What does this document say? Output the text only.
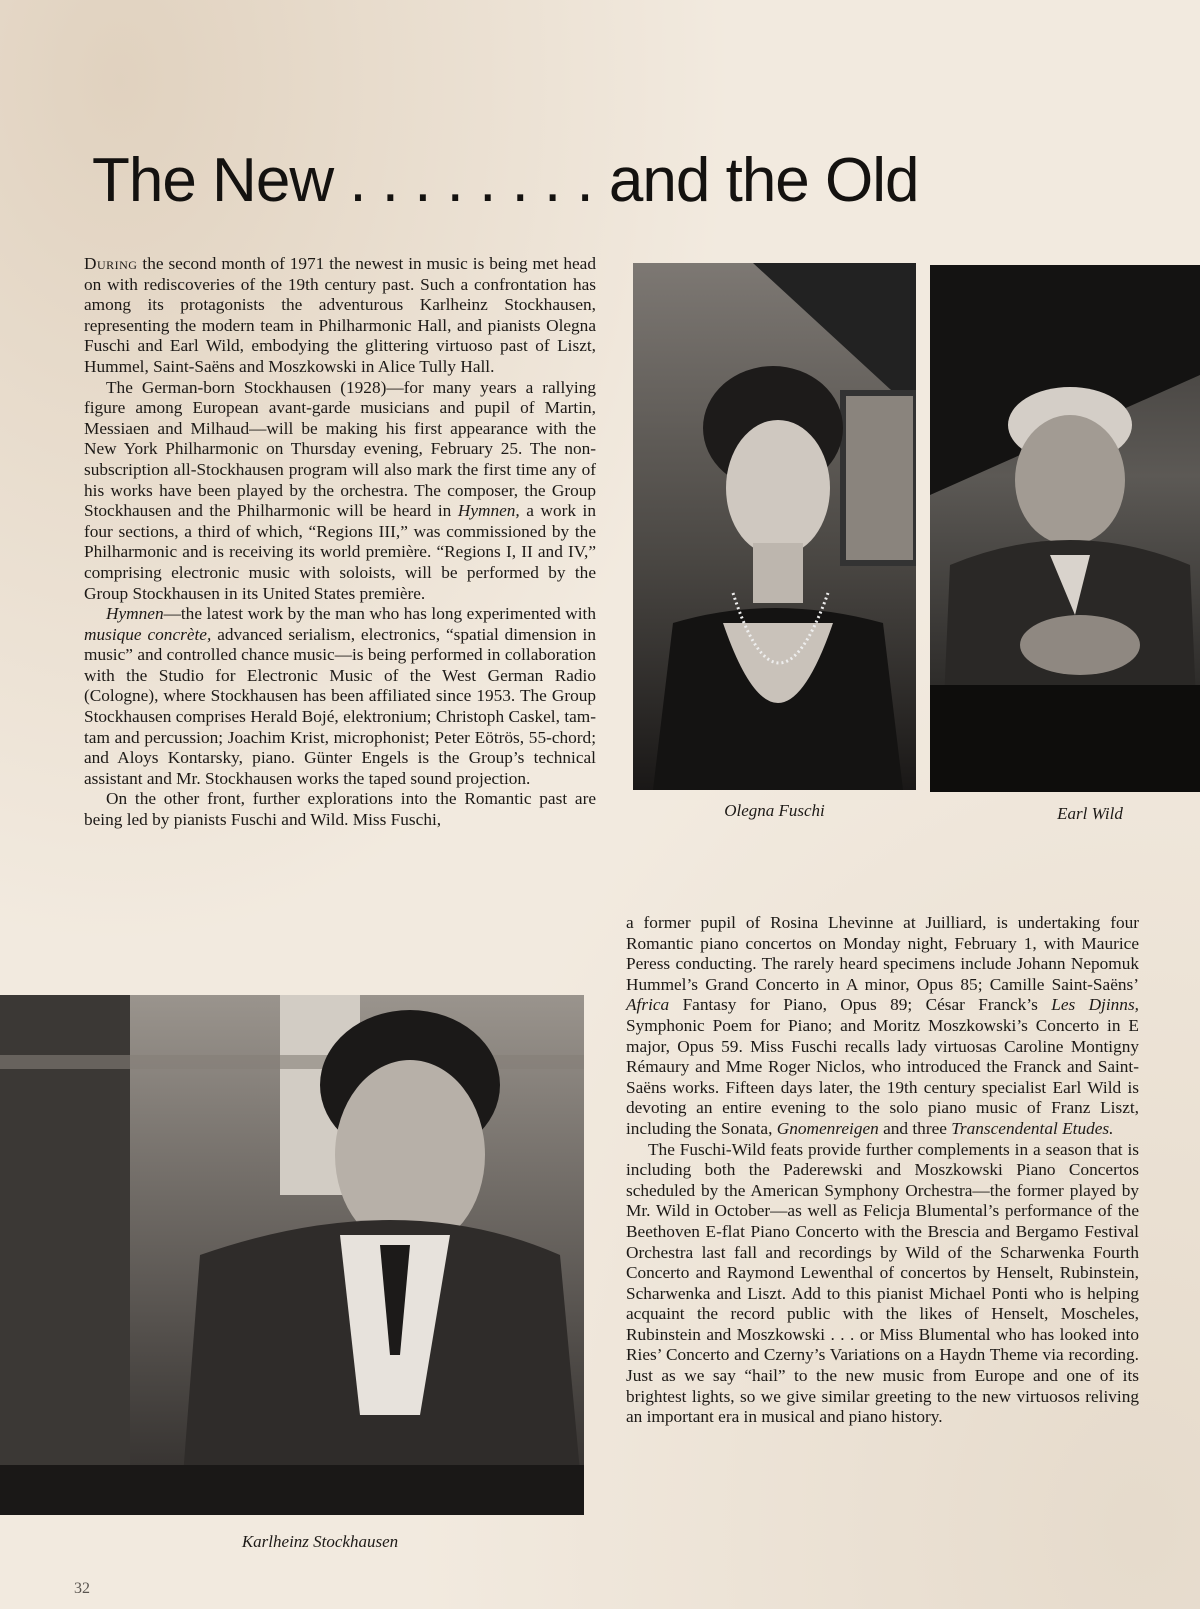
The New . . . . . . . . and the Old

During the second month of 1971 the newest in music is being met head on with rediscoveries of the 19th century past. Such a confrontation has among its protagonists the adventurous Karlheinz Stockhausen, representing the modern team in Philharmonic Hall, and pianists Olegna Fuschi and Earl Wild, embodying the glittering virtuoso past of Liszt, Hummel, Saint-Saëns and Moszkowski in Alice Tully Hall.

The German-born Stockhausen (1928)—for many years a rallying figure among European avant-garde musicians and pupil of Martin, Messiaen and Milhaud—will be making his first appearance with the New York Philharmonic on Thursday evening, February 25. The non-subscription all-Stockhausen program will also mark the first time any of his works have been played by the orchestra. The composer, the Group Stockhausen and the Philharmonic will be heard in Hymnen, a work in four sections, a third of which, “Regions III,” was commissioned by the Philharmonic and is receiving its world première. “Regions I, II and IV,” comprising electronic music with soloists, will be performed by the Group Stockhausen in its United States première.

Hymnen—the latest work by the man who has long experimented with musique concrète, advanced serialism, electronics, “spatial dimension in music” and controlled chance music—is being performed in collaboration with the Studio for Electronic Music of the West German Radio (Cologne), where Stockhausen has been affiliated since 1953. The Group Stockhausen comprises Herald Bojé, elektronium; Christoph Caskel, tam-tam and percussion; Joachim Krist, microphonist; Peter Eötrös, 55-chord; and Aloys Kontarsky, piano. Günter Engels is the Group’s technical assistant and Mr. Stockhausen works the taped sound projection.

On the other front, further explorations into the Romantic past are being led by pianists Fuschi and Wild. Miss Fuschi,	Olegna Fuschi	Earl Wild

a former pupil of Rosina Lhevinne at Juilliard, is undertaking four Romantic piano concertos on Monday night, February 1, with Maurice Peress conducting. The rarely heard specimens include Johann Nepomuk Hummel’s Grand Concerto in A minor, Opus 85; Camille Saint-Saëns’ Africa Fantasy for Piano, Opus 89; César Franck’s Les Djinns, Symphonic Poem for Piano; and Moritz Moszkowski’s Concerto in E major, Opus 59. Miss Fuschi recalls lady virtuosas Caroline Montigny Rémaury and Mme Roger Niclos, who introduced the Franck and Saint-Saëns works. Fifteen days later, the 19th century specialist Earl Wild is devoting an entire evening to the solo piano music of Franz Liszt, including the Sonata, Gnomenreigen and three Transcendental Etudes.

The Fuschi-Wild feats provide further complements in a season that is including both the Paderewski and Moszkowski Piano Concertos scheduled by the American Symphony Orchestra—the former played by Mr. Wild in October—as well as Felicja Blumental’s performance of the Beethoven E-flat Piano Concerto with the Brescia and Bergamo Festival Orchestra last fall and recordings by Wild of the Scharwenka Fourth Concerto and Raymond Lewenthal of concertos by Henselt, Rubinstein, Scharwenka and Liszt. Add to this pianist Michael Ponti who is helping acquaint the record public with the likes of Henselt, Moscheles, Rubinstein and Moszkowski . . . or Miss Blumental who has looked into Ries’ Concerto and Czerny’s Variations on a Haydn Theme via recording. Just as we say “hail” to the new music from Europe and one of its brightest lights, so we give similar greeting to the new virtuosos reliving an important era in musical and piano history.

Karlheinz Stockhausen
32
